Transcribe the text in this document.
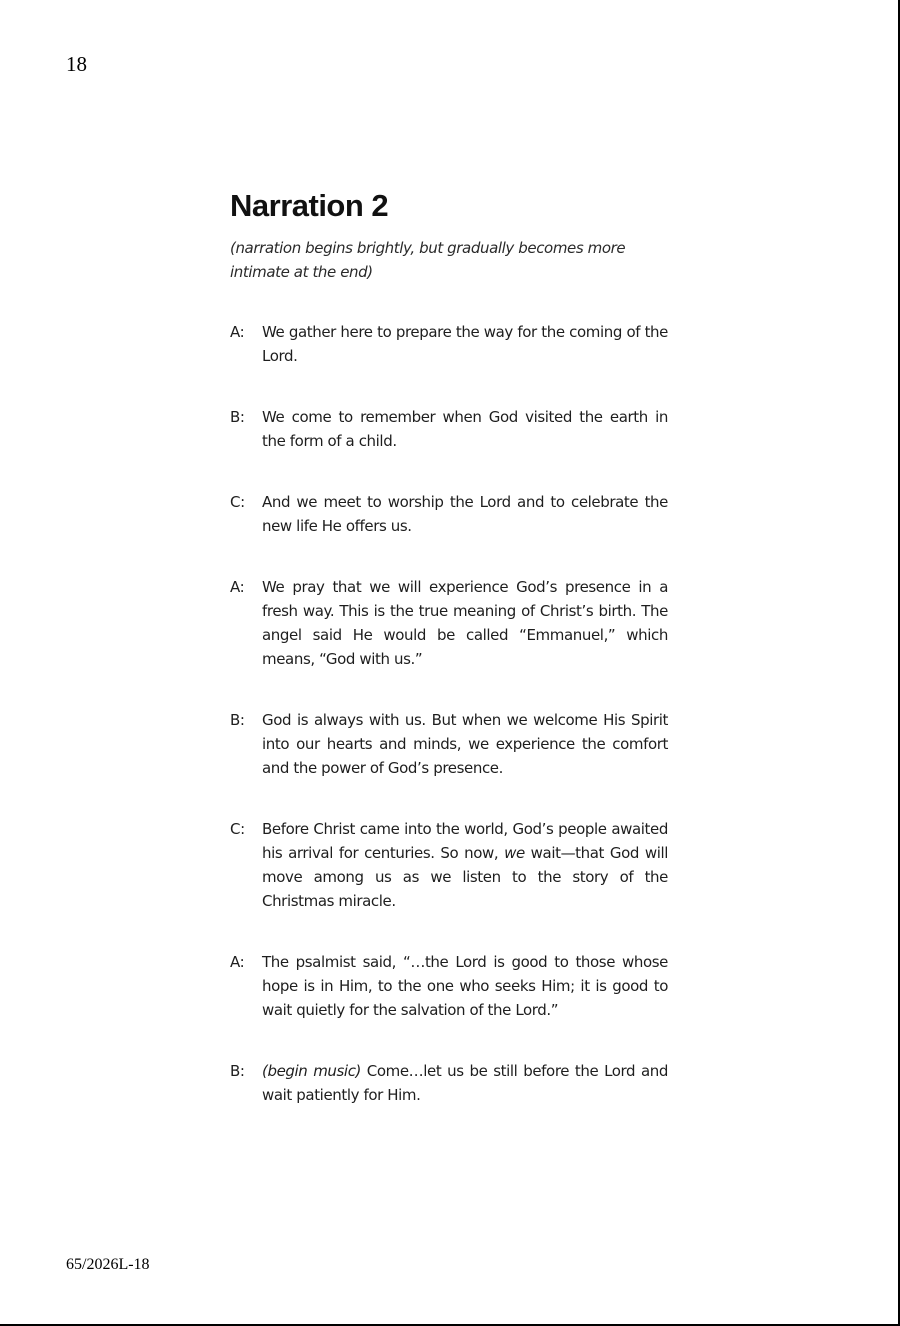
18
Narration 2
(narration begins brightly, but gradually becomes more intimate at the end)
A:	We gather here to prepare the way for the coming of the Lord.
B:	We come to remember when God visited the earth in the form of a child.
C:	And we meet to worship the Lord and to celebrate the new life He offers us.
A:	We pray that we will experience God’s presence in a fresh way. This is the true meaning of Christ’s birth. The angel said He would be called “Emmanuel,” which means, “God with us.”
B:	God is always with us. But when we welcome His Spirit into our hearts and minds, we experience the comfort and the power of God’s presence.
C:	Before Christ came into the world, God’s people awaited his arrival for centuries. So now, we wait—that God will move among us as we listen to the story of the Christmas miracle.
A:	The psalmist said, “…the Lord is good to those whose hope is in Him, to the one who seeks Him; it is good to wait quietly for the salvation of the Lord.”
B:	(begin music) Come…let us be still before the Lord and wait patiently for Him.
65/2026L-18
